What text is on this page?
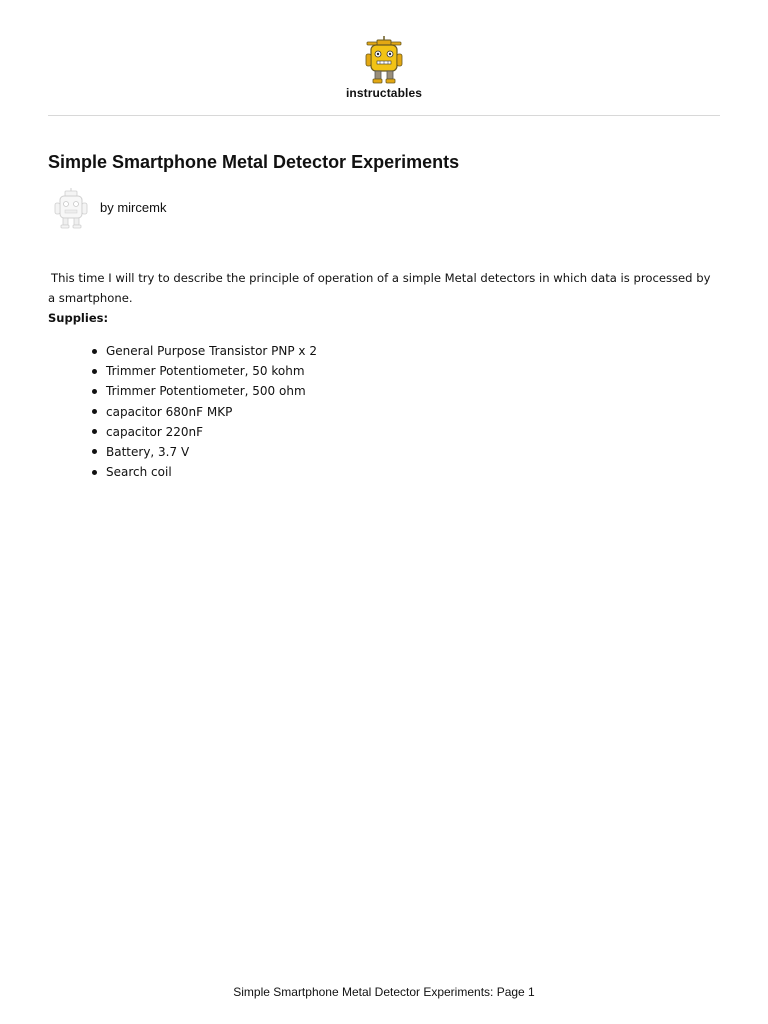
instructables
Simple Smartphone Metal Detector Experiments
by mircemk

This time I will try to describe the principle of operation of a simple Metal detectors in which data is processed by a smartphone.

Supplies:
General Purpose Transistor PNP x 2
Trimmer Potentiometer, 50 kohm
Trimmer Potentiometer, 500 ohm
capacitor 680nF MKP
capacitor 220nF
Battery, 3.7 V
Search coil
Simple Smartphone Metal Detector Experiments: Page 1
